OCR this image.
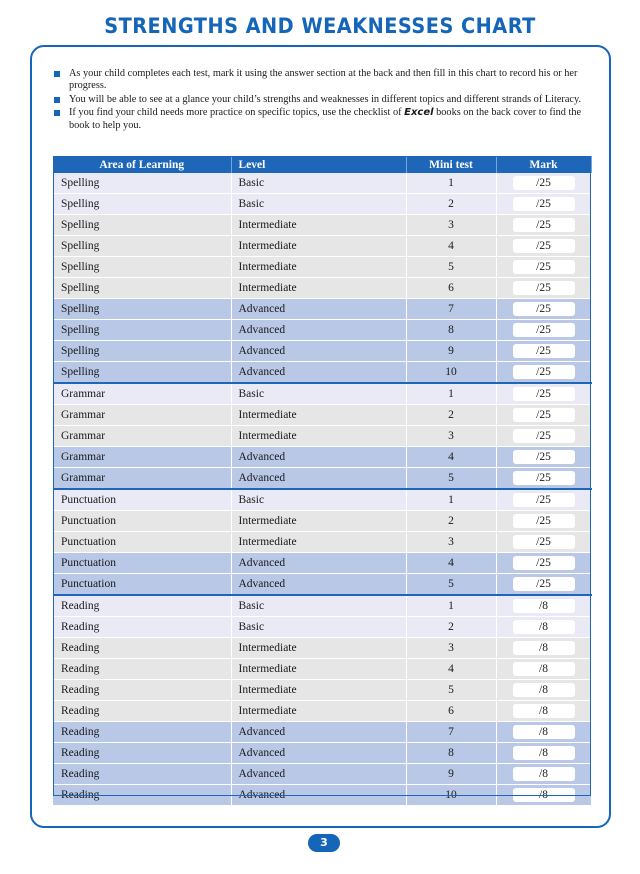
STRENGTHS AND WEAKNESSES CHART
As your child completes each test, mark it using the answer section at the back and then fill in this chart to record his or her progress.
You will be able to see at a glance your child’s strengths and weaknesses in different topics and different strands of Literacy.
If you find your child needs more practice on specific topics, use the checklist of Excel books on the back cover to find the book to help you.
Area of Learning	Level	Mini test	Mark
Spelling	Basic	1	/25
Spelling	Basic	2	/25
Spelling	Intermediate	3	/25
Spelling	Intermediate	4	/25
Spelling	Intermediate	5	/25
Spelling	Intermediate	6	/25
Spelling	Advanced	7	/25
Spelling	Advanced	8	/25
Spelling	Advanced	9	/25
Spelling	Advanced	10	/25
Grammar	Basic	1	/25
Grammar	Intermediate	2	/25
Grammar	Intermediate	3	/25
Grammar	Advanced	4	/25
Grammar	Advanced	5	/25
Punctuation	Basic	1	/25
Punctuation	Intermediate	2	/25
Punctuation	Intermediate	3	/25
Punctuation	Advanced	4	/25
Punctuation	Advanced	5	/25
Reading	Basic	1	/8
Reading	Basic	2	/8
Reading	Intermediate	3	/8
Reading	Intermediate	4	/8
Reading	Intermediate	5	/8
Reading	Intermediate	6	/8
Reading	Advanced	7	/8
Reading	Advanced	8	/8
Reading	Advanced	9	/8
Reading	Advanced	10	/8
3
